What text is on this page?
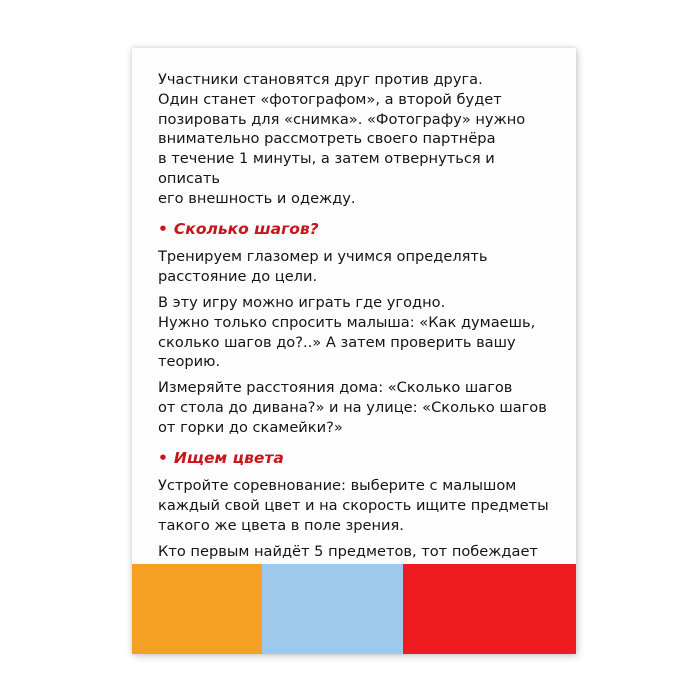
Участники становятся друг против друга.
Один станет «фотографом», а второй будет
позировать для «снимка». «Фотографу» нужно
внимательно рассмотреть своего партнёра
в течение 1 минуты, а затем отвернуться и описать
его внешность и одежду.

• Сколько шагов?

Тренируем глазомер и учимся определять
расстояние до цели.

В эту игру можно играть где угодно.
Нужно только спросить малыша: «Как думаешь,
сколько шагов до?..» А затем проверить вашу
теорию.

Измеряйте расстояния дома: «Сколько шагов
от стола до дивана?» и на улице: «Сколько шагов
от горки до скамейки?»

• Ищем цвета

Устройте соревнование: выберите с малышом
каждый свой цвет и на скорость ищите предметы
такого же цвета в поле зрения.

Кто первым найдёт 5 предметов, тот побеждает
